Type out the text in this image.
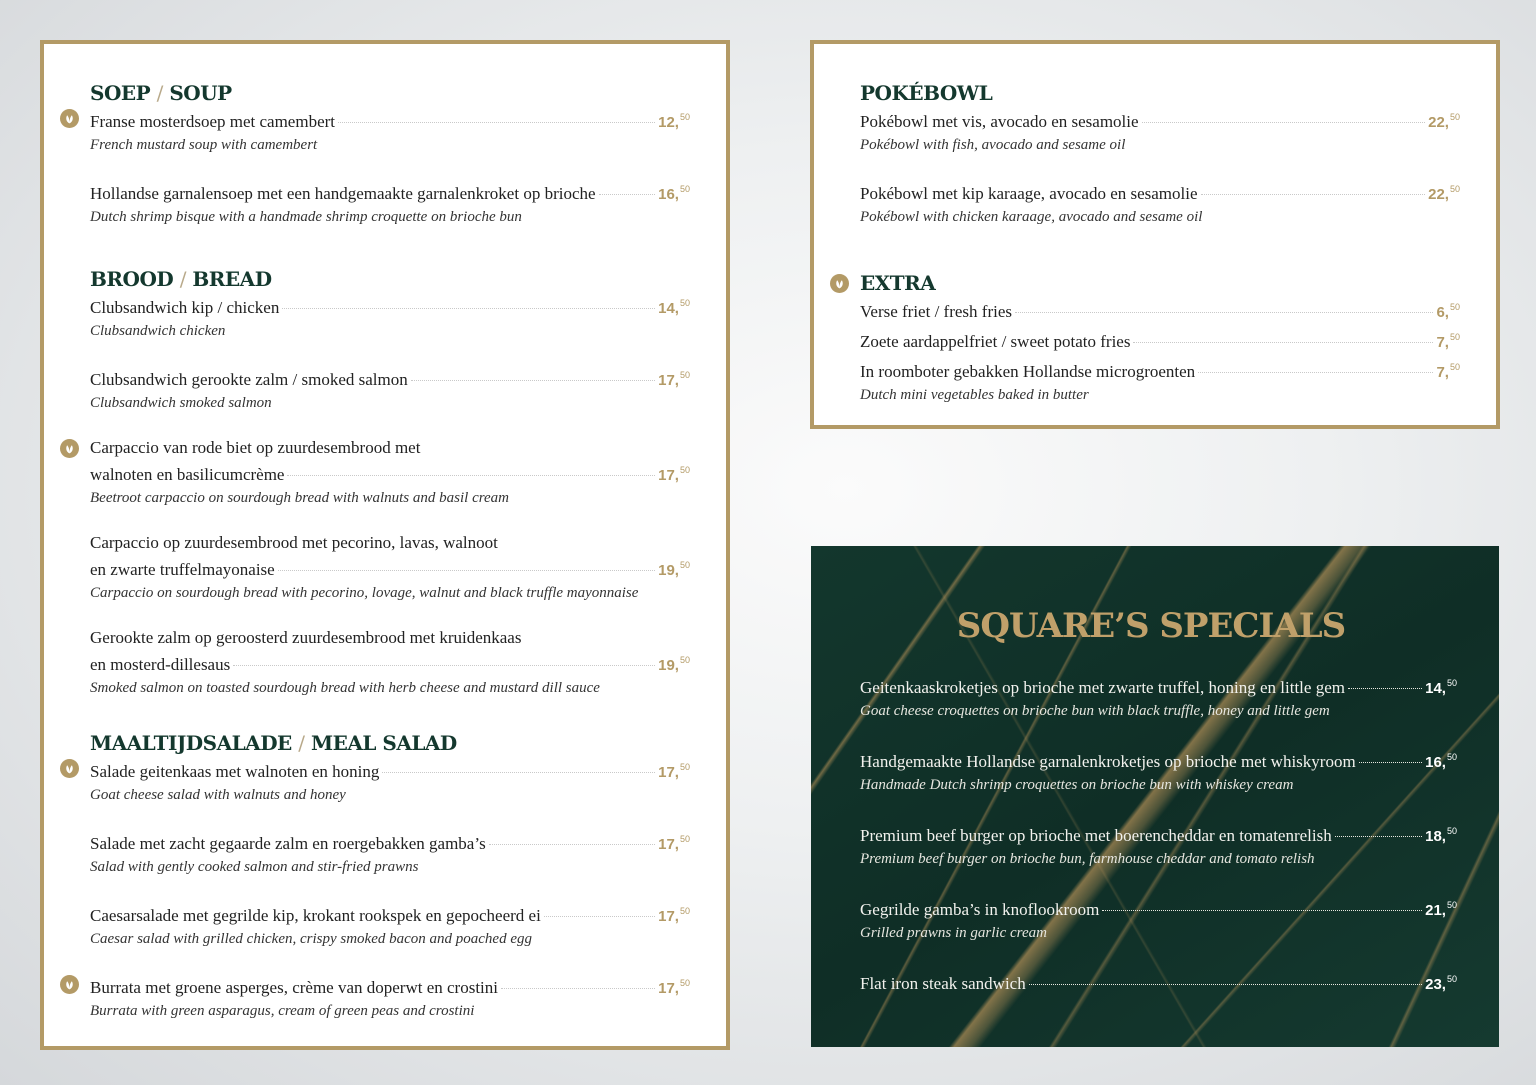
SOEP / SOUP
Franse mosterdsoep met camembert	12,50
French mustard soup with camembert
Hollandse garnalensoep met een handgemaakte garnalenkroket op brioche	16,50
Dutch shrimp bisque with a handmade shrimp croquette on brioche bun
BROOD / BREAD
Clubsandwich kip / chicken	14,50
Clubsandwich chicken
Clubsandwich gerookte zalm / smoked salmon	17,50
Clubsandwich smoked salmon
Carpaccio van rode biet op zuurdesembrood met
walnoten en basilicumcrème	17,50
Beetroot carpaccio on sourdough bread with walnuts and basil cream
Carpaccio op zuurdesembrood met pecorino, lavas, walnoot
en zwarte truffelmayonaise	19,50
Carpaccio on sourdough bread with pecorino, lovage, walnut and black truffle mayonnaise
Gerookte zalm op geroosterd zuurdesembrood met kruidenkaas
en mosterd-dillesaus	19,50
Smoked salmon on toasted sourdough bread with herb cheese and mustard dill sauce
MAALTIJDSALADE / MEAL SALAD
Salade geitenkaas met walnoten en honing	17,50
Goat cheese salad with walnuts and honey
Salade met zacht gegaarde zalm en roergebakken gamba’s	17,50
Salad with gently cooked salmon and stir-fried prawns
Caesarsalade met gegrilde kip, krokant rookspek en gepocheerd ei	17,50
Caesar salad with grilled chicken, crispy smoked bacon and poached egg
Burrata met groene asperges, crème van doperwt en crostini	17,50
Burrata with green asparagus, cream of green peas and crostini
POKÉBOWL
Pokébowl met vis, avocado en sesamolie	22,50
Pokébowl with fish, avocado and sesame oil
Pokébowl met kip karaage, avocado en sesamolie	22,50
Pokébowl with chicken karaage, avocado and sesame oil
EXTRA
Verse friet / fresh fries	6,50
Zoete aardappelfriet / sweet potato fries	7,50
In roomboter gebakken Hollandse microgroenten	7,50
Dutch mini vegetables baked in butter
SQUARE’S SPECIALS
Geitenkaaskroketjes op brioche met zwarte truffel, honing en little gem	14,50
Goat cheese croquettes on brioche bun with black truffle, honey and little gem
Handgemaakte Hollandse garnalenkroketjes op brioche met whiskyroom	16,50
Handmade Dutch shrimp croquettes on brioche bun with whiskey cream
Premium beef burger op brioche met boerencheddar en tomatenrelish	18,50
Premium beef burger on brioche bun, farmhouse cheddar and tomato relish
Gegrilde gamba’s in knoflookroom	21,50
Grilled prawns in garlic cream
Flat iron steak sandwich	23,50
